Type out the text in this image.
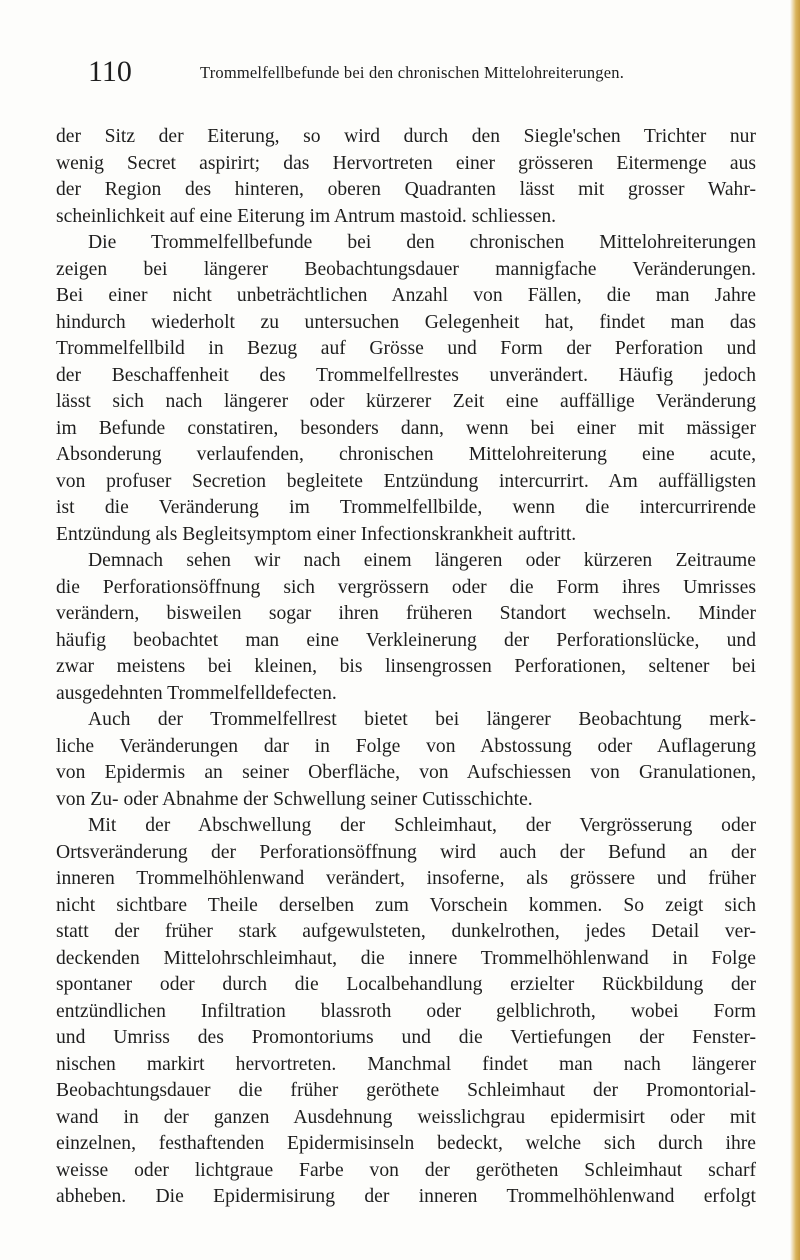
110	Trommelfellbefunde bei den chronischen Mittelohreiterungen.
der Sitz der Eiterung, so wird durch den Siegle'schen Trichter nur
wenig Secret aspirirt; das Hervortreten einer grösseren Eitermenge aus
der Region des hinteren, oberen Quadranten lässt mit grosser Wahr-
scheinlichkeit auf eine Eiterung im Antrum mastoid. schliessen.
Die Trommelfellbefunde bei den chronischen Mittelohreiterungen
zeigen bei längerer Beobachtungsdauer mannigfache Veränderungen.
Bei einer nicht unbeträchtlichen Anzahl von Fällen, die man Jahre
hindurch wiederholt zu untersuchen Gelegenheit hat, findet man das
Trommelfellbild in Bezug auf Grösse und Form der Perforation und
der Beschaffenheit des Trommelfellrestes unverändert. Häufig jedoch
lässt sich nach längerer oder kürzerer Zeit eine auffällige Veränderung
im Befunde constatiren, besonders dann, wenn bei einer mit mässiger
Absonderung verlaufenden, chronischen Mittelohreiterung eine acute,
von profuser Secretion begleitete Entzündung intercurrirt. Am auffälligsten
ist die Veränderung im Trommelfellbilde, wenn die intercurrirende
Entzündung als Begleitsymptom einer Infectionskrankheit auftritt.
Demnach sehen wir nach einem längeren oder kürzeren Zeitraume
die Perforationsöffnung sich vergrössern oder die Form ihres Umrisses
verändern, bisweilen sogar ihren früheren Standort wechseln. Minder
häufig beobachtet man eine Verkleinerung der Perforationslücke, und
zwar meistens bei kleinen, bis linsengrossen Perforationen, seltener bei
ausgedehnten Trommelfelldefecten.
Auch der Trommelfellrest bietet bei längerer Beobachtung merk-
liche Veränderungen dar in Folge von Abstossung oder Auflagerung
von Epidermis an seiner Oberfläche, von Aufschiessen von Granulationen,
von Zu- oder Abnahme der Schwellung seiner Cutisschichte.
Mit der Abschwellung der Schleimhaut, der Vergrösserung oder
Ortsveränderung der Perforationsöffnung wird auch der Befund an der
inneren Trommelhöhlenwand verändert, insoferne, als grössere und früher
nicht sichtbare Theile derselben zum Vorschein kommen. So zeigt sich
statt der früher stark aufgewulsteten, dunkelrothen, jedes Detail ver-
deckenden Mittelohrschleimhaut, die innere Trommelhöhlenwand in Folge
spontaner oder durch die Localbehandlung erzielter Rückbildung der
entzündlichen Infiltration blassroth oder gelblichroth, wobei Form
und Umriss des Promontoriums und die Vertiefungen der Fenster-
nischen markirt hervortreten. Manchmal findet man nach längerer
Beobachtungsdauer die früher geröthete Schleimhaut der Promontorial-
wand in der ganzen Ausdehnung weisslichgrau epidermisirt oder mit
einzelnen, festhaftenden Epidermisinseln bedeckt, welche sich durch ihre
weisse oder lichtgraue Farbe von der gerötheten Schleimhaut scharf
abheben. Die Epidermisirung der inneren Trommelhöhlenwand erfolgt
